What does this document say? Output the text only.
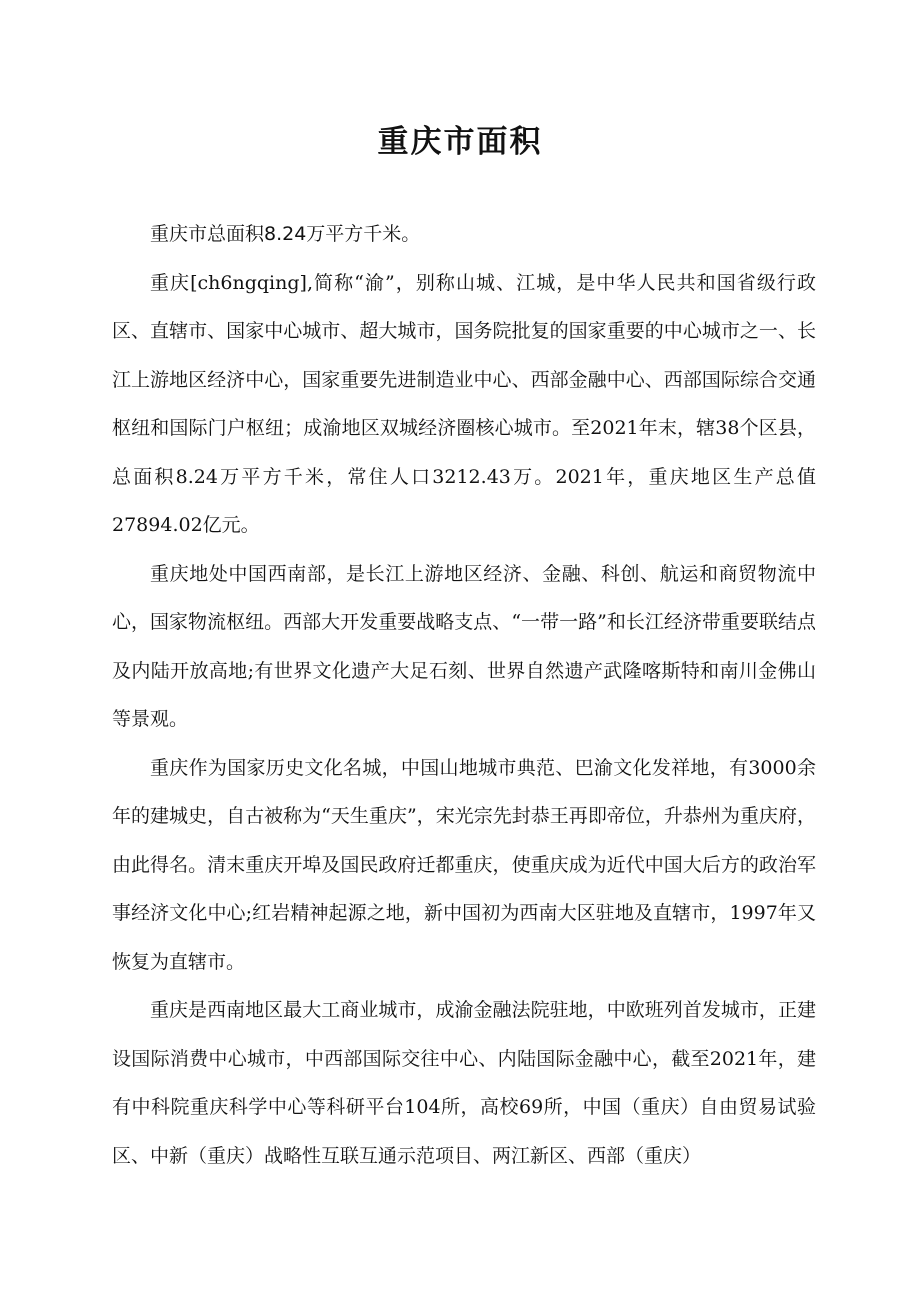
重庆市面积

重庆市总面积8.24万平方千米。

重庆[ch6ngqing],简称“渝”，别称山城、江城，是中华人民共和国省级行政区、直辖市、国家中心城市、超大城市，国务院批复的国家重要的中心城市之一、长江上游地区经济中心，国家重要先进制造业中心、西部金融中心、西部国际综合交通枢纽和国际门户枢纽；成渝地区双城经济圈核心城市。至2021年末，辖38个区县，总面积8.24万平方千米，常住人口3212.43万。2021年，重庆地区生产总值27894.02亿元。

重庆地处中国西南部，是长江上游地区经济、金融、科创、航运和商贸物流中心，国家物流枢纽。西部大开发重要战略支点、“一带一路”和长江经济带重要联结点及内陆开放高地;有世界文化遗产大足石刻、世界自然遗产武隆喀斯特和南川金佛山等景观。

重庆作为国家历史文化名城，中国山地城市典范、巴渝文化发祥地，有3000余年的建城史，自古被称为“天生重庆”，宋光宗先封恭王再即帝位，升恭州为重庆府，由此得名。清末重庆开埠及国民政府迁都重庆，使重庆成为近代中国大后方的政治军事经济文化中心;红岩精神起源之地，新中国初为西南大区驻地及直辖市，1997年又恢复为直辖市。

重庆是西南地区最大工商业城市，成渝金融法院驻地，中欧班列首发城市，正建设国际消费中心城市，中西部国际交往中心、内陆国际金融中心，截至2021年，建有中科院重庆科学中心等科研平台104所，高校69所，中国（重庆）自由贸易试验区、中新（重庆）战略性互联互通示范项目、两江新区、西部（重庆）
